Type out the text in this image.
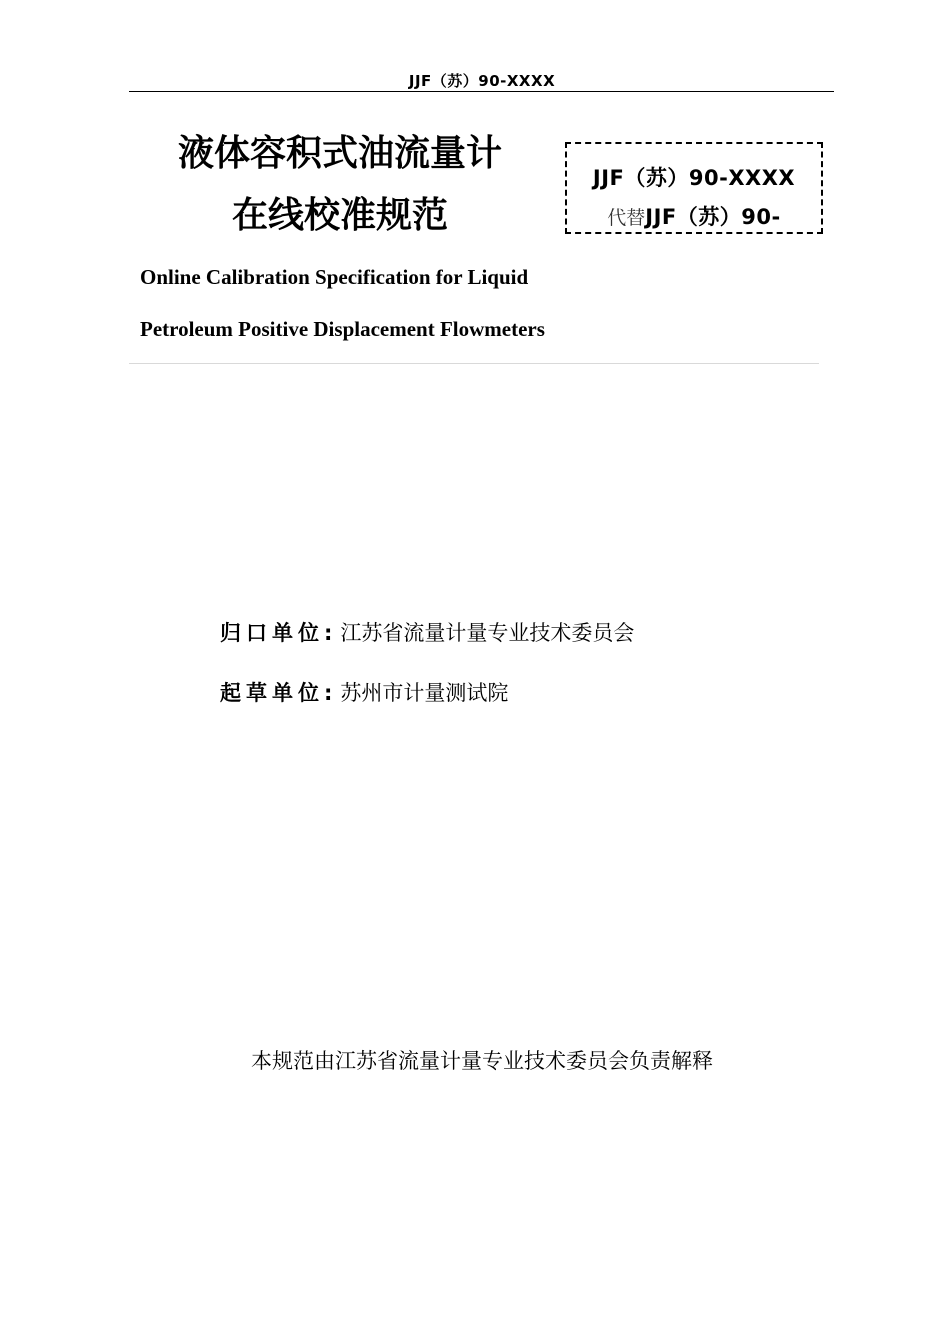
JJF（苏）90-XXXX
液体容积式油流量计
在线校准规范
JJF（苏）90-XXXX
代替JJF（苏）90-
Online Calibration Specification for Liquid
Petroleum Positive Displacement Flowmeters
归口单位: 江苏省流量计量专业技术委员会
起草单位: 苏州市计量测试院
本规范由江苏省流量计量专业技术委员会负责解释
